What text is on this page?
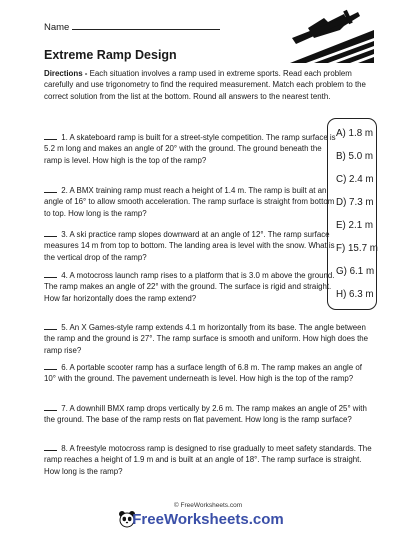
Name
Extreme Ramp Design
Directions - Each situation involves a ramp used in extreme sports. Read each problem carefully and use trigonometry to find the required measurement. Match each problem to the correct solution from the list at the bottom. Round all answers to the nearest tenth.
1. A skateboard ramp is built for a street-style competition. The ramp surface is 5.2 m long and makes an angle of 20° with the ground. The ground beneath the ramp is level. How high is the top of the ramp?
2. A BMX training ramp must reach a height of 1.4 m. The ramp is built at an angle of 16° to allow smooth acceleration. The ramp surface is straight from bottom to top. How long is the ramp?
3. A ski practice ramp slopes downward at an angle of 12°. The ramp surface measures 14 m from top to bottom. The landing area is level with the snow. What is the vertical drop of the ramp?
4. A motocross launch ramp rises to a platform that is 3.0 m above the ground. The ramp makes an angle of 22° with the ground. The surface is rigid and straight. How far horizontally does the ramp extend?
5. An X Games-style ramp extends 4.1 m horizontally from its base. The angle between the ramp and the ground is 27°. The ramp surface is smooth and uniform. How high does the ramp rise?
6. A portable scooter ramp has a surface length of 6.8 m. The ramp makes an angle of 10° with the ground. The pavement underneath is level. How high is the top of the ramp?
7. A downhill BMX ramp drops vertically by 2.6 m. The ramp makes an angle of 25° with the ground. The base of the ramp rests on flat pavement. How long is the ramp surface?
8. A freestyle motocross ramp is designed to rise gradually to meet safety standards. The ramp reaches a height of 1.9 m and is built at an angle of 18°. The ramp surface is straight. How long is the ramp?
A) 1.8 m
B) 5.0 m
C) 2.4 m
D) 7.3 m
E) 2.1 m
F) 15.7 m
G) 6.1 m
H) 6.3 m
© FreeWorksheets.com
FreeWorksheets.com
